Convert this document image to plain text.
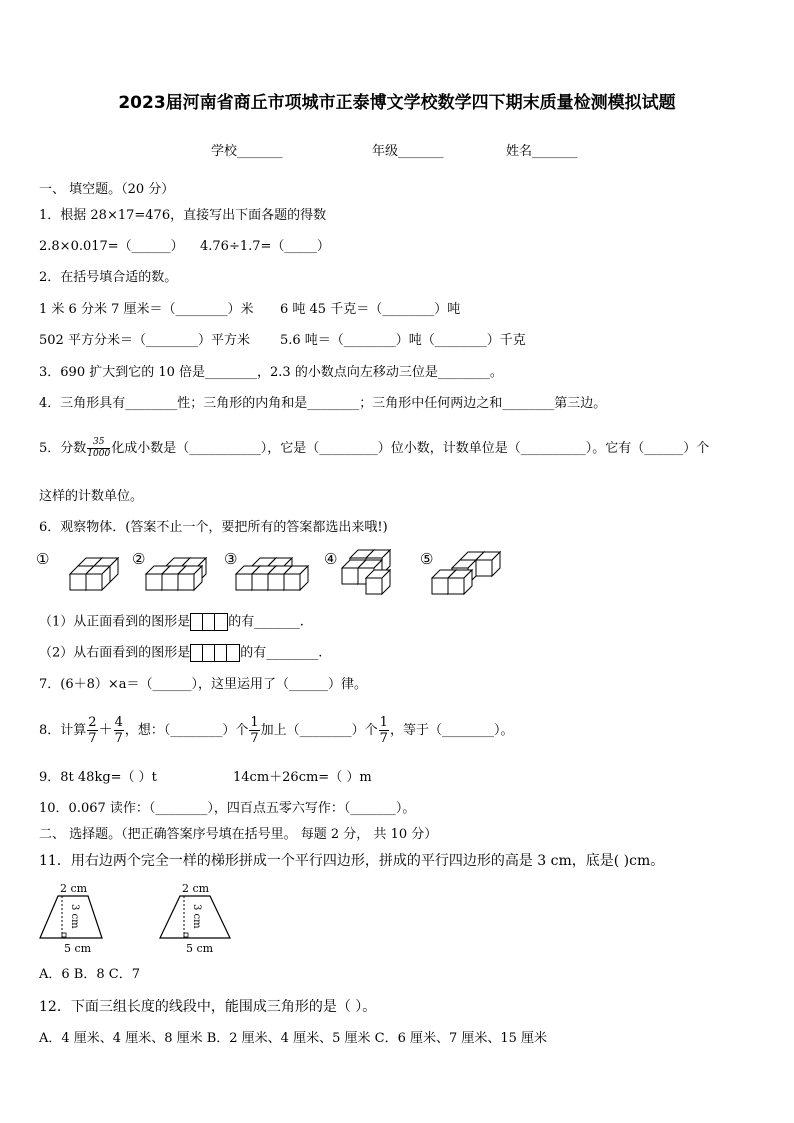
2023届河南省商丘市项城市正泰博文学校数学四下期末质量检测模拟试题
学校_______	年级_______	姓名_______
一、 填空题。（20 分）
1．根据 28×17=476，直接写出下面各题的得数
2.8×0.017=（______） 4.76÷1.7=（_____）
2．在括号填合适的数。
1 米 6 分米 7 厘米＝（________）米 6 吨 45 千克＝（________）吨
502 平方分米＝（________）平方米 5.6 吨＝（________）吨（________）千克
3．690 扩大到它的 10 倍是________，2.3 的小数点向左移动三位是________。
4．三角形具有________性；三角形的内角和是________；三角形中任何两边之和________第三边。
5．分数 $\frac{35}{1000}$ 化成小数是（___________），它是（_________）位小数，计数单位是（__________）。它有（______）个
这样的计数单位。
6．观察物体．(答案不止一个，要把所有的答案都选出来哦!)
①	②	③	④	⑤
（1）从正面看到的图形是	的有_______.
（2）从右面看到的图形是	的有________.
7．(6＋8）×a＝（______），这里运用了（______）律。
8．计算 $\frac{2}{7} + \frac{4}{7}$ ，想：（________）个 $\frac{1}{7}$ 加上（________）个 $\frac{1}{7}$ ，等于（________）。
9．8t 48kg=（ ）t	14cm＋26cm=（ ）m
10．0.067 读作：（________），四百点五零六写作：（_______）。
二、 选择题。（把正确答案序号填在括号里。 每题 2 分， 共 10 分）
11．用右边两个完全一样的梯形拼成一个平行四边形，拼成的平行四边形的高是 3 cm，底是( )cm。
2 cm
3 cm
5 cm
2 cm
3 cm
5 cm
A．6 B．8 C．7
12．下面三组长度的线段中，能围成三角形的是（ ）。
A．4 厘米、4 厘米、8 厘米 B．2 厘米、4 厘米、5 厘米 C．6 厘米、7 厘米、15 厘米
